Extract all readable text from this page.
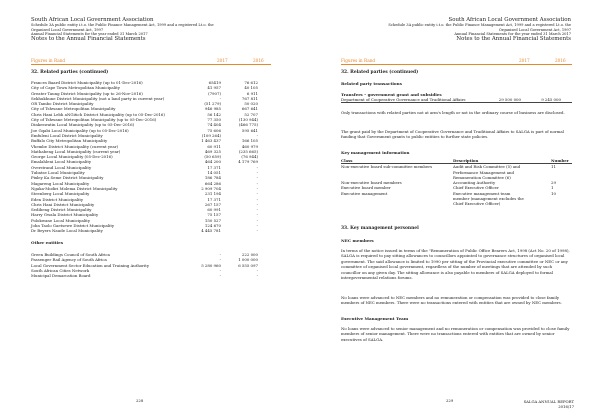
South African Local Government Association
Schedule 3A public entity i.t.o. the Public Finance Management Act, 1999 and a registered Lt.o. the
Organised Local Government Act, 1997
Annual Financial Statements for the year ended 31 March 2017
Notes to the Annual Financial Statements
Figures in Rand	2017	2016
32. Related parties (continued)
Frances Baard District Municipality (up to 01-Dec-2016)	65419	76 612
City of Cape Town Metropolitan Municipality	41 957	40 105
Greater Taung District Municipality (up to 26-Nov-2016)	(7907)	6 911
Sekhukhune District Municipality (not a land party in current year)	-	767 811
OR Tambo District Municipality	(51 279)	50 020
City of Tshwane Metropolitan Municipality	946 985	667 641
Chris Hani Lebh aNGitich District Municipality (up to 05-Dec-2016)	56 142	52 707
City of Tshwane Metropolitan Municipality (up to 05-Dec-2016)	77 350	(130 944)
Dinkeswatin Local Municipality (up to 05-Dec-2016)	74 404	(466 775)
Joe Gqabi Local Municipality (up to 05-Dec-2016)	75 606	595 641
Emfuleni Local District Municipality	(109 264)	-
Buffalo City Metropolitan Municipality	1 463 437	166 105
Vhembe District Municipality (current year)	60 911	460 979
Mathabeng Local Municipality (current year)	469 325	(235 665)
George Local Municipality (05-Dec-2016)	(50 659)	(76 944)
Emalahleni Local Municipality	464 200	4 179 769
Overstrand Local Municipality	17 371	-
Tubatse Local Municipality	14 051	-
Pixley Ka Seme District Municipality	186 784	-
Magareng Local Municipality	664 286	-
Ngaka-Modiri Molema District Municipality	2 909 704	-
Steenberg Local Municipality	231 194	-
Eden District Municipality	17 371	-
Chris Hani District Municipality	267 157	-
Sedibeng District Municipality	60 991	-
Harry Gwala District Municipality	75 157	-
Polokwane Local Municipality	150 527	-
John Taolo Gaetsewe District Municipality	124 670	-
Dr Beyers Naude Local Municipality	4 445 781	-
Other entities
Green Buildings Council of South Africa	-	222 000
Passenger Rail Agency of South Africa	-	1 000 000
Local Government Sector Education and Training Authority	5 280 960	6 555 097
South African Cities Network	-	-
Municipal Demarcation Board	-	-
228
South African Local Government Association
Schedule 3A public entity i.t.o. the Public Finance Management Act, 1999 and a registered Lt.o. the
Organised Local Government Act, 1997
Annual Financial Statements for the year ended 31 March 2017
Notes to the Annual Financial Statements
Figures in Rand	2017	2016
32. Related parties (continued)
Related party transactions
Transfers – government grant and subsidies
Department of Cooperative Governance and Traditional Affairs	29 500 000	9 245 000
Only transactions with related parties not at arm's length or not in the ordinary course of business are disclosed.
The grant paid by the Department of Cooperative Governance and Traditional Affairs to SALGA is part of normal funding that Government grants to public entities to further state policies.
Key management information
Class	Description	Number
Non-executive board sub-committee members	Audit and Risk Committee (5) and	11
Performance Management and
Remuneration Committee (6)
Non-executive board members	Accounting Authority	29
Executive board member	Chief Executive Officer	1
Executive management	Executive management team	10
member (management excludes the
Chief Executive Officer)
33. Key management personnel
NEC members
In terms of the notice issued in terms of the "Remuneration of Public Office Bearers Act, 1998 (Act No. 20 of 1998), SALGA is required to pay sitting allowances to councillors appointed to governance structures of organised local government. The said allowance is limited to 1990 per sitting of the Provincial executive committee or NEC or any committee of organised local government, regardless of the number of meetings that are attended by such councillor on any given day. The sitting allowance is also payable to members of SALGA deployed to formal intergovernmental relations forums.
No loans were advanced to NEC members and no remuneration or compensation was provided to close family members of NEC members. There were no transactions entered with entities that are owned by NEC members.
Executive Management Team
No loans were advanced to senior management and no remuneration or compensation was provided to close family members of senior management. There were no transactions entered with entities that are owned by senior executives of SALGA.
229	SALGA ANNUAL REPORT
2016/17
